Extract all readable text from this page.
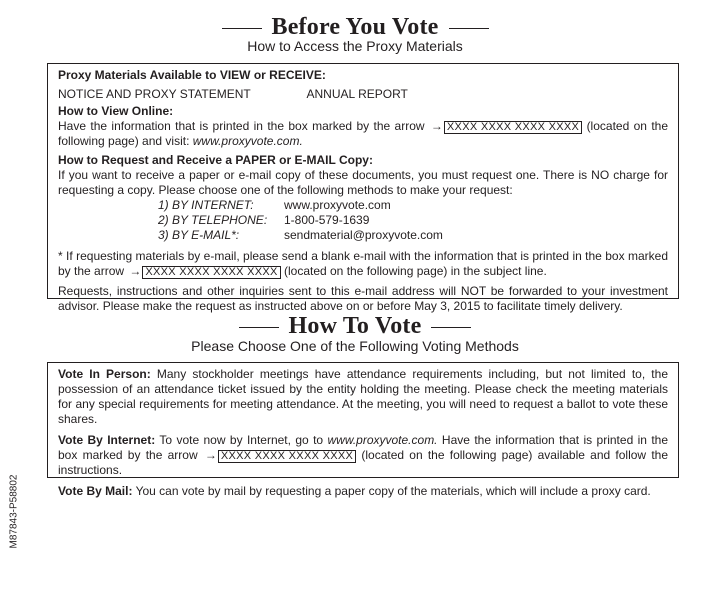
Before You Vote
How to Access the Proxy Materials

Proxy Materials Available to VIEW or RECEIVE:

NOTICE AND PROXY STATEMENT	ANNUAL REPORT

How to View Online:

Have the information that is printed in the box marked by the arrow → XXXX XXXX XXXX XXXX (located on the following page) and visit: www.proxyvote.com.

How to Request and Receive a PAPER or E-MAIL Copy:

If you want to receive a paper or e-mail copy of these documents, you must request one. There is NO charge for requesting a copy. Please choose one of the following methods to make your request:

1) BY INTERNET:	www.proxyvote.com
2) BY TELEPHONE:	1-800-579-1639
3) BY E-MAIL*:	sendmaterial@proxyvote.com

* If requesting materials by e-mail, please send a blank e-mail with the information that is printed in the box marked by the arrow → XXXX XXXX XXXX XXXX (located on the following page) in the subject line.

Requests, instructions and other inquiries sent to this e-mail address will NOT be forwarded to your investment advisor. Please make the request as instructed above on or before May 3, 2015 to facilitate timely delivery.

How To Vote
Please Choose One of the Following Voting Methods

Vote In Person: Many stockholder meetings have attendance requirements including, but not limited to, the possession of an attendance ticket issued by the entity holding the meeting. Please check the meeting materials for any special requirements for meeting attendance. At the meeting, you will need to request a ballot to vote these shares.

Vote By Internet: To vote now by Internet, go to www.proxyvote.com. Have the information that is printed in the box marked by the arrow → XXXX XXXX XXXX XXXX (located on the following page) available and follow the instructions.

Vote By Mail: You can vote by mail by requesting a paper copy of the materials, which will include a proxy card.

M87843-P58802
